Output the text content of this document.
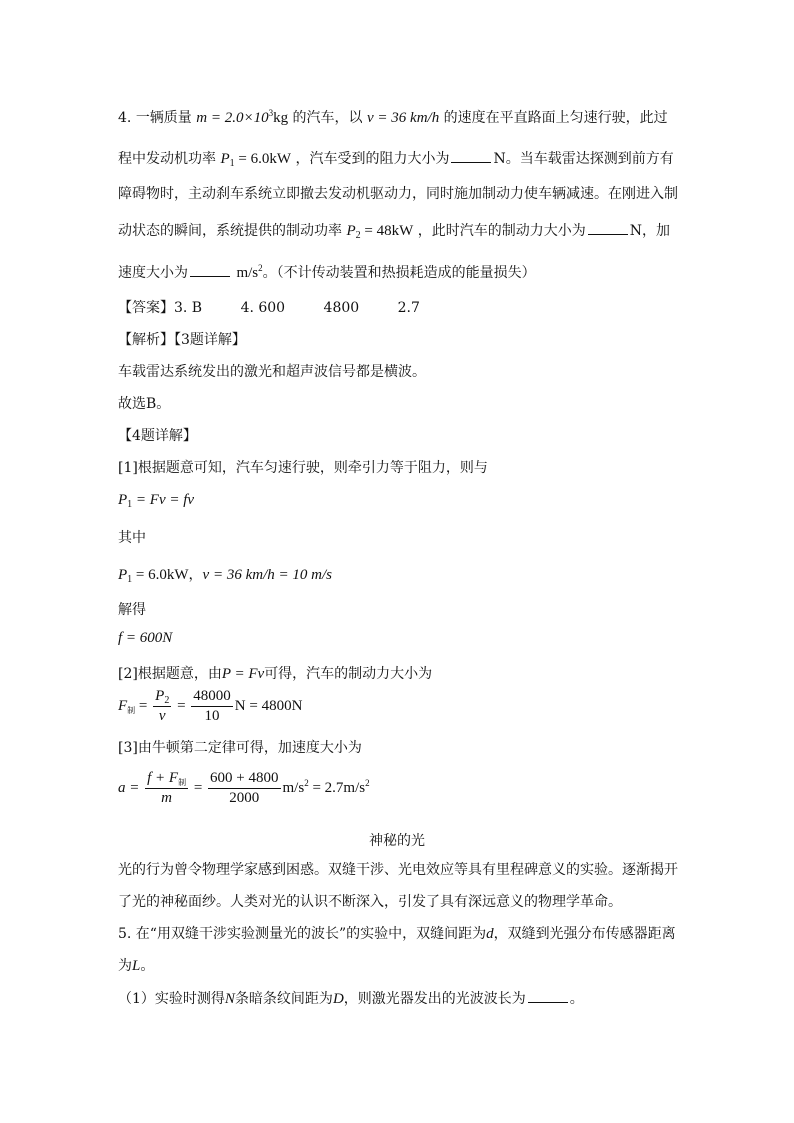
4. 一辆质量 $m = 2.0\times 10^3kg$ 的汽车，以 v = 36 km/h 的速度在平直路面上匀速行驶，此过
程中发动机功率 $P_1 = 6.0kW$ ，汽车受到的阻力大小为	N。当车载雷达探测到前方有
障碍物时，主动刹车系统立即撤去发动机驱动力，同时施加制动力使车辆减速。在刚进入制
动状态的瞬间，系统提供的制动功率 $P_2 = 48kW$ ，此时汽车的制动力大小为	N，加
速度大小为	$m/s^2$。（不计传动装置和热损耗造成的能量损失）
【答案】3. B	4. 600	4800	2.7
【解析】【3题详解】
车载雷达系统发出的激光和超声波信号都是横波。
故选B。
【4题详解】
[1]根据题意可知，汽车匀速行驶，则牵引力等于阻力，则与
$P_1 = Fv$ = fv
其中
$P_1 = 6.0kW$，v = 36 km/h = 10 m/s
解得
f = 600N
[2]根据题意，由P = Fv可得，汽车的制动力大小为
$F_制 = \frac{P_2}{v} = \frac{48000}{10}$ N = 4800N
[3]由牛顿第二定律可得，加速度大小为
$a = \frac{f + F_制}{m} = \frac{600 + 4800}{2000} m/s^2 = 2.7m/s^2$
神秘的光
光的行为曾令物理学家感到困惑。双缝干涉、光电效应等具有里程碑意义的实验。逐渐揭开
了光的神秘面纱。人类对光的认识不断深入，引发了具有深远意义的物理学革命。
5. 在“用双缝干涉实验测量光的波长”的实验中，双缝间距为d，双缝到光强分布传感器距离
为L。
（1）实验时测得N条暗条纹间距为D，则激光器发出的光波波长为	。
